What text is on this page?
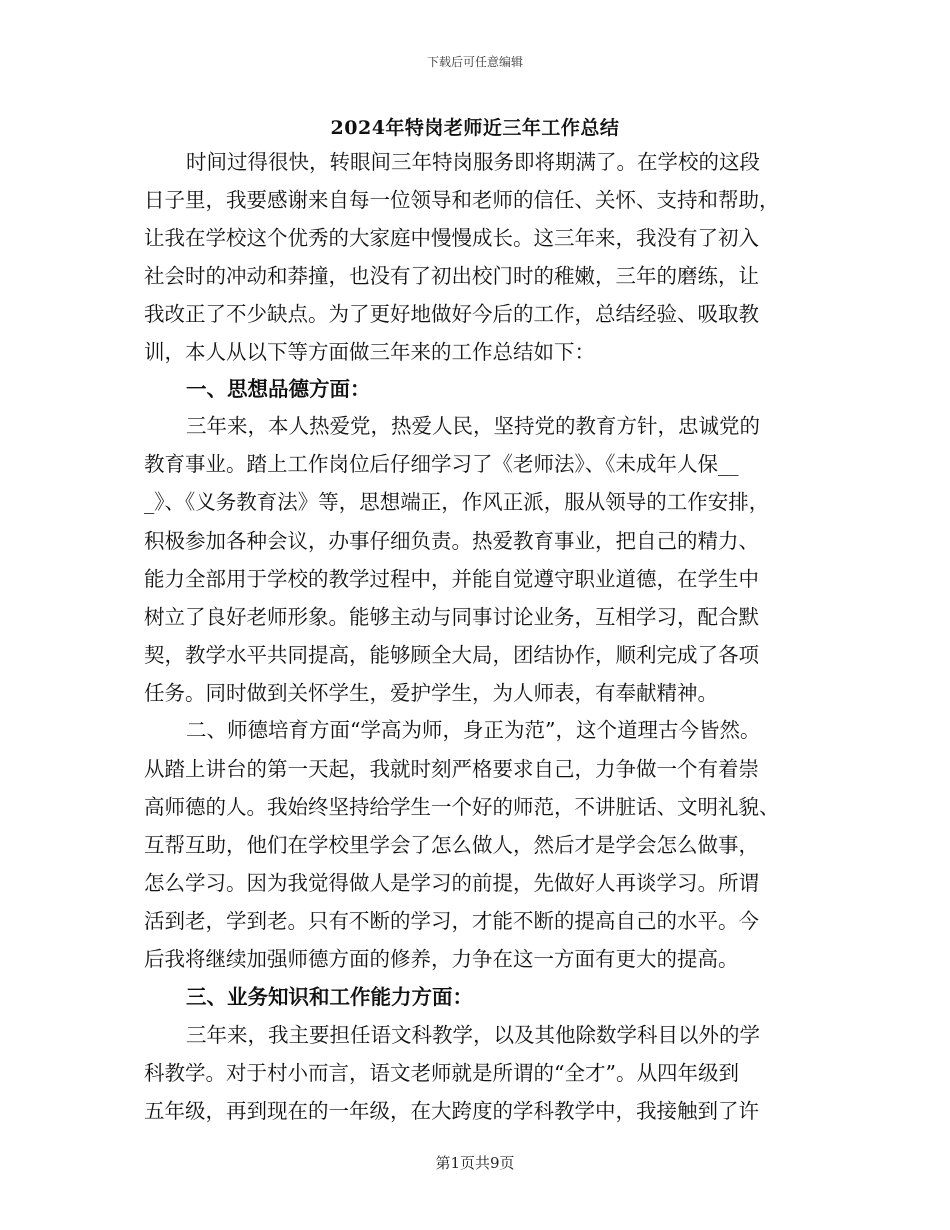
下载后可任意编辑
2024年特岗老师近三年工作总结
时间过得很快，转眼间三年特岗服务即将期满了。在学校的这段
日子里，我要感谢来自每一位领导和老师的信任、关怀、支持和帮助，
让我在学校这个优秀的大家庭中慢慢成长。这三年来，我没有了初入
社会时的冲动和莽撞，也没有了初出校门时的稚嫩，三年的磨练，让
我改正了不少缺点。为了更好地做好今后的工作，总结经验、吸取教
训，本人从以下等方面做三年来的工作总结如下：
一、思想品德方面：
三年来，本人热爱党，热爱人民，坚持党的教育方针，忠诚党的
教育事业。踏上工作岗位后仔细学习了《老师法》、《未成年人保__
_》、《义务教育法》等，思想端正，作风正派，服从领导的工作安排，
积极参加各种会议，办事仔细负责。热爱教育事业，把自己的精力、
能力全部用于学校的教学过程中，并能自觉遵守职业道德，在学生中
树立了良好老师形象。能够主动与同事讨论业务，互相学习，配合默
契，教学水平共同提高，能够顾全大局，团结协作，顺利完成了各项
任务。同时做到关怀学生，爱护学生，为人师表，有奉献精神。
二、师德培育方面“学高为师，身正为范”，这个道理古今皆然。
从踏上讲台的第一天起，我就时刻严格要求自己，力争做一个有着崇
高师德的人。我始终坚持给学生一个好的师范，不讲脏话、文明礼貌、
互帮互助，他们在学校里学会了怎么做人，然后才是学会怎么做事，
怎么学习。因为我觉得做人是学习的前提，先做好人再谈学习。所谓
活到老，学到老。只有不断的学习，才能不断的提高自己的水平。今
后我将继续加强师德方面的修养，力争在这一方面有更大的提高。
三、业务知识和工作能力方面：
三年来，我主要担任语文科教学，以及其他除数学科目以外的学
科教学。对于村小而言，语文老师就是所谓的“全才”。从四年级到
五年级，再到现在的一年级，在大跨度的学科教学中，我接触到了许
第1页共9页
